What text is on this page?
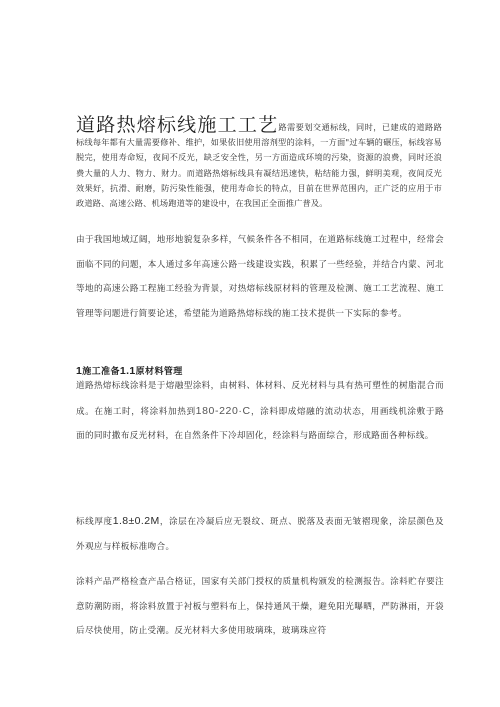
道路热熔标线施工工艺路需要划交通标线，同时，已建成的道路路标线每年都有大量需要修补、维护，如果依旧使用溶剂型的涂料，一方面"过车辆的碾压，标线容易脱完，使用寿命短，夜间不反光，缺乏安全性，另一方面造成环境的污染，资源的浪费，同时还浪费大量的人力、物力、财力。而道路热熔标线具有凝结迅速快，粘结能力强，鲜明美观，夜间反光效果好，抗滑、耐磨，防污染性能强，使用寿命长的特点，目前在世界范围内，正广泛的应用于市政道路、高速公路、机场跑道等的建设中，在我国正全面推广普及。
由于我国地域辽阔，地形地貌复杂多样，气候条件各不相同，在道路标线施工过程中，经常会面临不同的问题，本人通过多年高速公路一线建设实践，积累了一些经验，并结合内蒙、河北等地的高速公路工程施工经验为背景，对热熔标线原材料的管理及检测、施工工艺流程、施工管理等问题进行简要论述，希望能为道路热熔标线的施工技术提供一下实际的参考。
1施工准备1.1原材料管理
道路热熔标线涂料是于熔融型涂料，由树料、体材料、反光材料与具有热可塑性的树脂混合而成。在施工时，将涂料加热到180-220·C，涂料即成熔融的流动状态，用画线机涂敷于路面的同时撒布反光材料，在自然条件下冷却固化，经涂料与路面综合，形成路面各种标线。
标线厚度1.8±0.2M，涂层在冷凝后应无裂纹、斑点、脱落及表面无皱褶现象，涂层颜色及外观应与样板标准吻合。
涂料产品严格检查产品合格证，国家有关部门授权的质量机构颁发的检测报告。涂料贮存要注意防潮防雨，将涂料放置于衬板与塑料布上，保持通风干燥，避免阳光曝晒，严防淋雨，开袋后尽快使用，防止受潮。反光材料大多使用玻璃珠，玻璃珠应符
